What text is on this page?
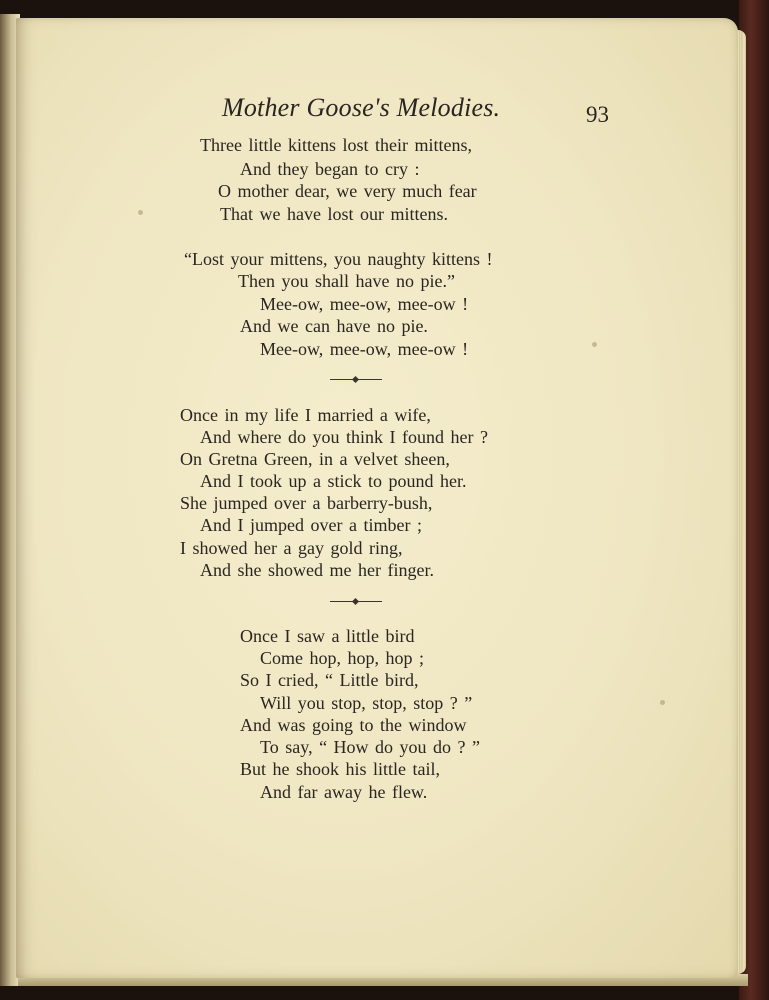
Mother Goose's Melodies.	93

Three little kittens lost their mittens,

And they began to cry :

O mother dear, we very much fear

That we have lost our mittens.

“Lost your mittens, you naughty kittens !

Then you shall have no pie.”

Mee-ow, mee-ow, mee-ow !

And we can have no pie.

Mee-ow, mee-ow, mee-ow !

Once in my life I married a wife,

And where do you think I found her ?

On Gretna Green, in a velvet sheen,

And I took up a stick to pound her.

She jumped over a barberry-bush,

And I jumped over a timber ;

I showed her a gay gold ring,

And she showed me her finger.

Once I saw a little bird

Come hop, hop, hop ;

So I cried, “ Little bird,

Will you stop, stop, stop ? ”

And was going to the window

To say, “ How do you do ? ”

But he shook his little tail,

And far away he flew.
